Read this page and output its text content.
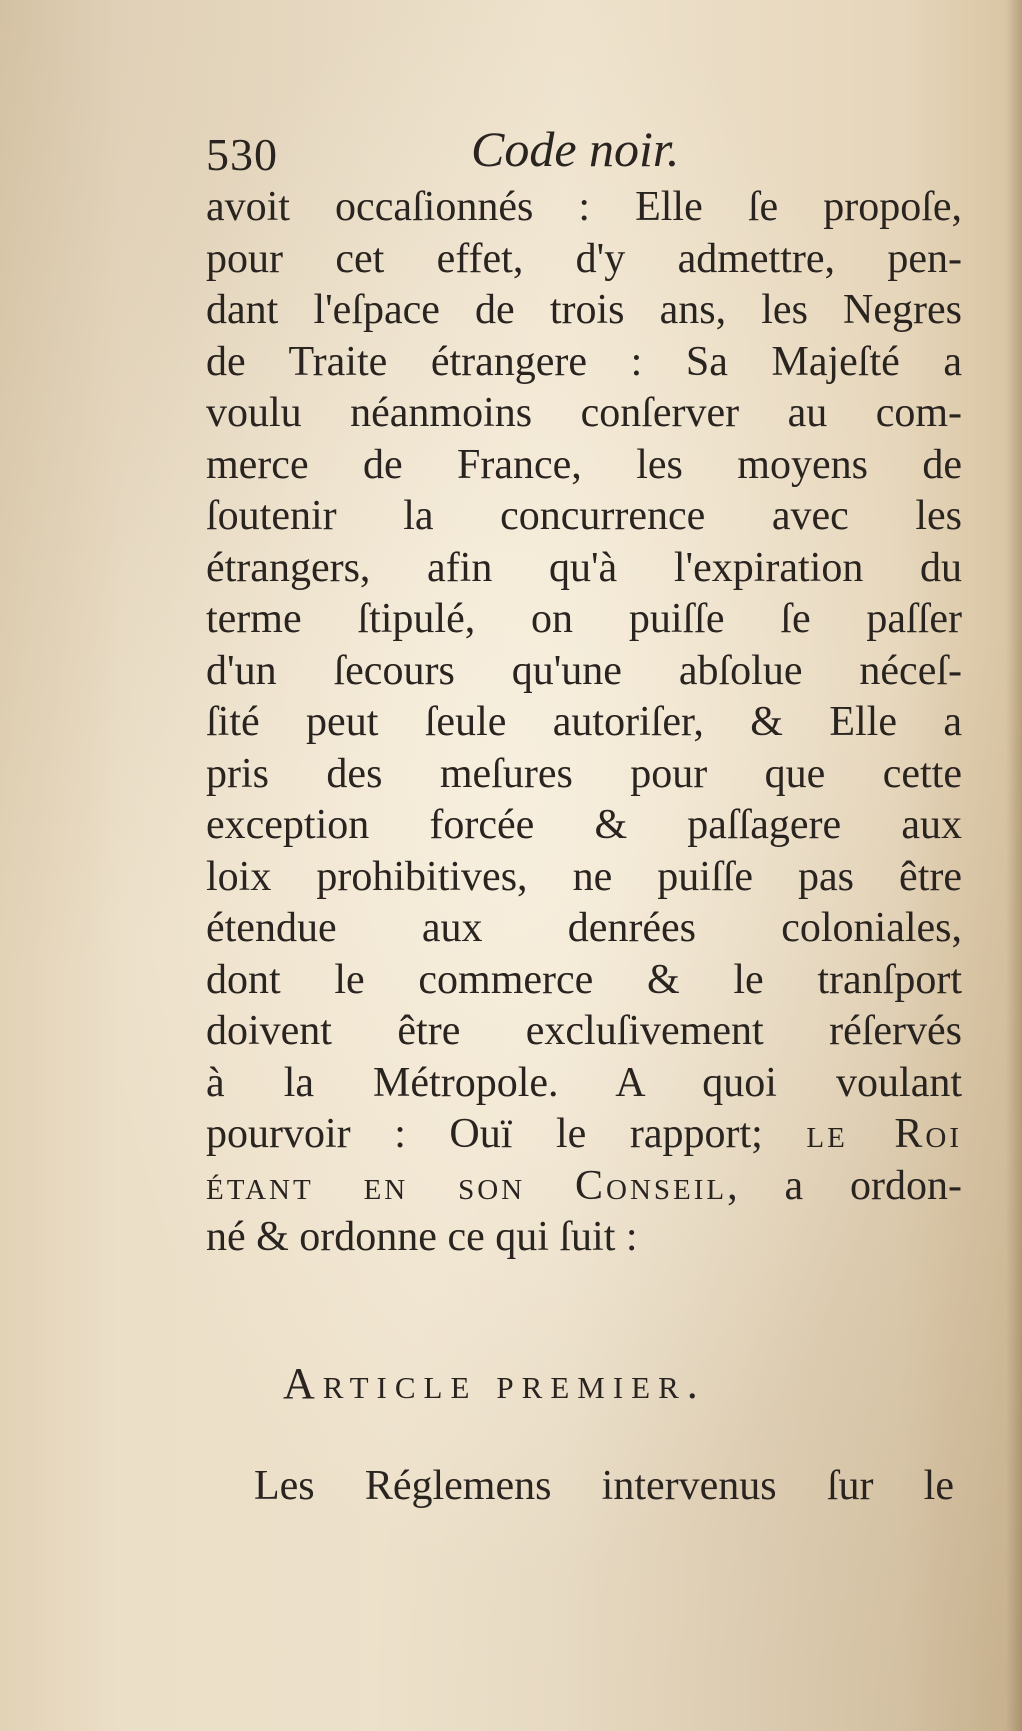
530	Code noir.
avoit occaſionnés : Elle ſe propoſe,
pour cet effet, d'y admettre, pen-
dant l'eſpace de trois ans, les Negres
de Traite étrangere : Sa Majeſté a
voulu néanmoins conſerver au com-
merce de France, les moyens de
ſoutenir la concurrence avec les
étrangers, afin qu'à l'expiration du
terme ſtipulé, on puiſſe ſe paſſer
d'un ſecours qu'une abſolue néceſ-
ſité peut ſeule autoriſer, & Elle a
pris des meſures pour que cette
exception forcée & paſſagere aux
loix prohibitives, ne puiſſe pas être
étendue aux denrées coloniales,
dont le commerce & le tranſport
doivent être excluſivement réſervés
à la Métropole. A quoi voulant
pourvoir : Ouï le rapport; le Roi
étant en son Conseil, a ordon-
né & ordonne ce qui ſuit :
Article premier.
Les Réglemens intervenus ſur le
